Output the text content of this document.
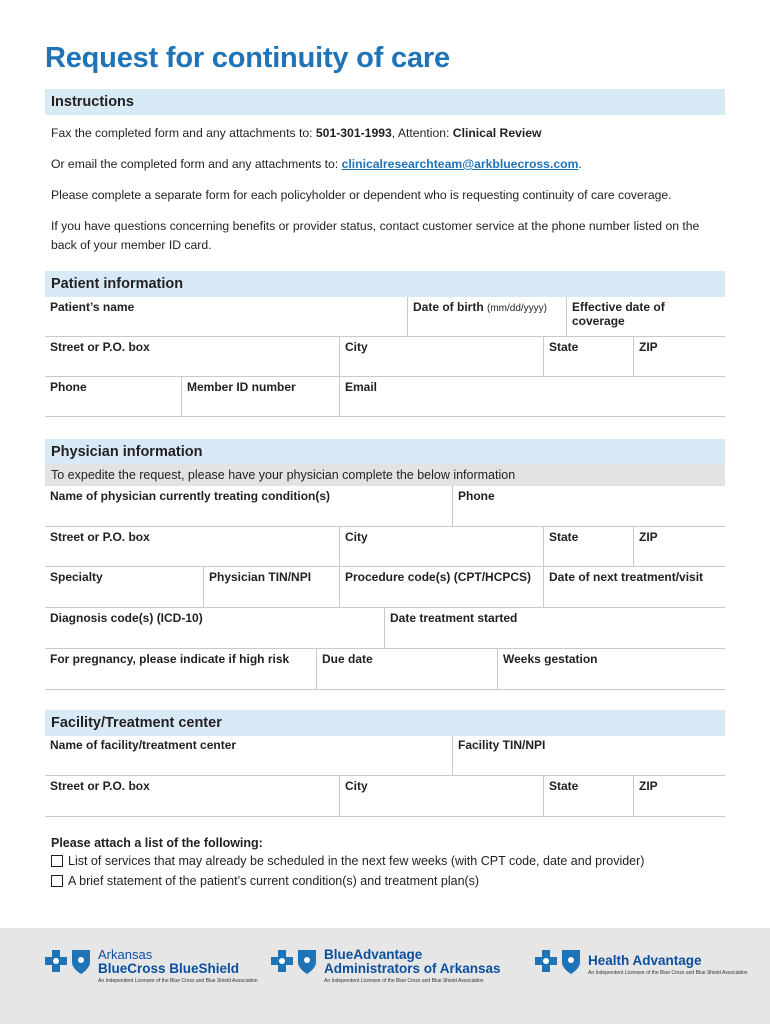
Request for continuity of care
Instructions
Fax the completed form and any attachments to: 501-301-1993, Attention: Clinical Review
Or email the completed form and any attachments to: clinicalresearchteam@arkbluecross.com.
Please complete a separate form for each policyholder or dependent who is requesting continuity of care coverage.
If you have questions concerning benefits or provider status, contact customer service at the phone number listed on the back of your member ID card.
Patient information
Patient’s name	Date of birth (mm/dd/yyyy)	Effective date of coverage
Street or P.O. box	City	State	ZIP
Phone	Member ID number	Email
Physician information
To expedite the request, please have your physician complete the below information
Name of physician currently treating condition(s)	Phone
Street or P.O. box	City	State	ZIP
Specialty	Physician TIN/NPI	Procedure code(s) (CPT/HCPCS)	Date of next treatment/visit
Diagnosis code(s) (ICD-10)	Date treatment started
For pregnancy, please indicate if high risk	Due date	Weeks gestation
Facility/Treatment center
Name of facility/treatment center	Facility TIN/NPI
Street or P.O. box	City	State	ZIP
Please attach a list of the following:
List of services that may already be scheduled in the next few weeks (with CPT code, date and provider)
A brief statement of the patient’s current condition(s) and treatment plan(s)
Arkansas
BlueCross BlueShield
An Independent Licensee of the Blue Cross and Blue Shield Association
BlueAdvantage
Administrators of Arkansas
An Independent Licensee of the Blue Cross and Blue Shield Association
Health Advantage
An Independent Licensee of the Blue Cross and Blue Shield Association
